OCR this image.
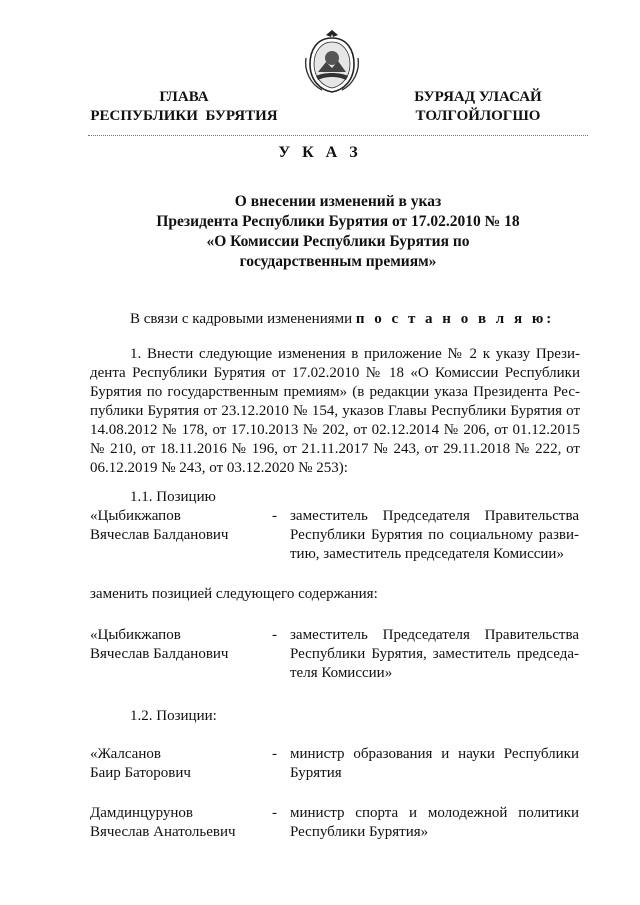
ГЛАВА
РЕСПУБЛИКИ  БУРЯТИЯ
БУРЯАД УЛАСАЙ
ТОЛГОЙЛОГШО
У К А З
О внесении изменений в указ
Президента Республики Бурятия от 17.02.2010 № 18
«О Комиссии Республики Бурятия по
государственным премиям»
В связи с кадровыми изменениями п о с т а н о в л я ю:

1. Внести следующие изменения в приложение № 2 к указу Президента Республики Бурятия от 17.02.2010 № 18 «О Комиссии Республики Бурятия по государственным премиям» (в редакции указа Президента Республики Бурятия от 23.12.2010 № 154, указов Главы Республики Бурятия от 14.08.2012 № 178, от 17.10.2013 № 202, от 02.12.2014 № 206, от 01.12.2015 № 210, от 18.11.2016 № 196, от 21.11.2017 № 243, от 29.11.2018 № 222, от 06.12.2019 № 243, от 03.12.2020 № 253):

1.1. Позицию

«Цыбикжапов
Вячеслав Балданович

- заместитель Председателя Правительства Республики Бурятия по социальному развитию, заместитель председателя Комиссии»

заменить позицией следующего содержания:

«Цыбикжапов
Вячеслав Балданович

- заместитель Председателя Правительства Республики Бурятия, заместитель председателя Комиссии»

1.2. Позиции:

«Жалсанов
Баир Баторович

- министр образования и науки Республики Бурятия

Дамдинцурунов
Вячеслав Анатольевич

- министр спорта и молодежной политики Республики Бурятия»
